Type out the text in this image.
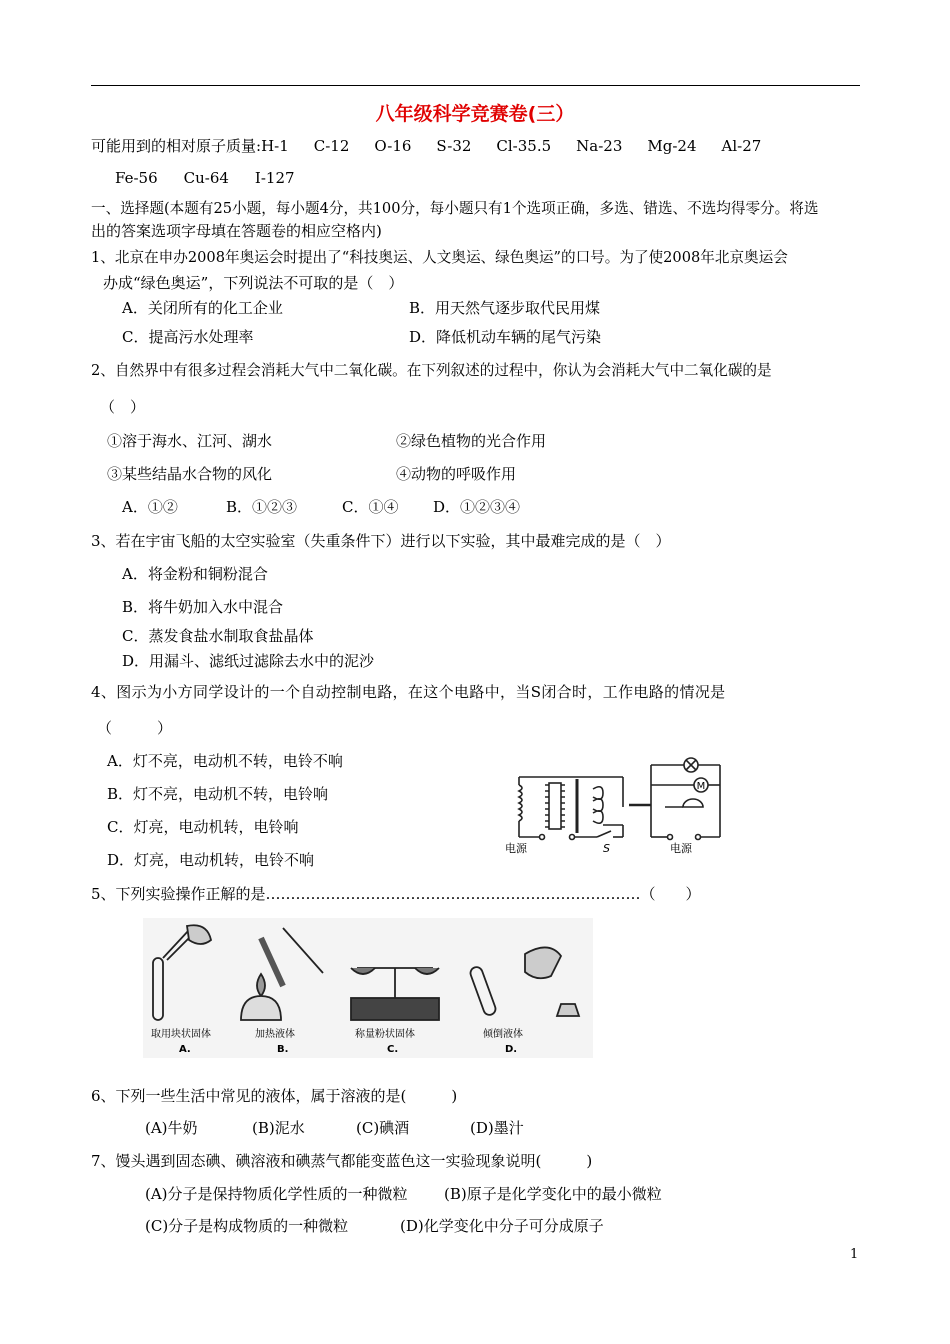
八年级科学竞赛卷(三）
可能用到的相对原子质量:H-1 C-12 O-16 S-32 Cl-35.5 Na-23 Mg-24 Al-27
Fe-56 Cu-64 I-127
一、选择题(本题有25小题，每小题4分，共100分，每小题只有1个选项正确，多选、错选、不选均得零分。将选
出的答案选项字母填在答题卷的相应空格内)
1、北京在申办2008年奥运会时提出了“科技奥运、人文奥运、绿色奥运”的口号。为了使2008年北京奥运会
办成“绿色奥运”，下列说法不可取的是（　）
A．关闭所有的化工企业	B．用天然气逐步取代民用煤
C．提高污水处理率	D．降低机动车辆的尾气污染
2、自然界中有很多过程会消耗大气中二氧化碳。在下列叙述的过程中，你认为会消耗大气中二氧化碳的是
（　）
①溶于海水、江河、湖水	②绿色植物的光合作用
③某些结晶水合物的风化	④动物的呼吸作用
A．①②	B．①②③	C．①④ D．①②③④
3、若在宇宙飞船的太空实验室（失重条件下）进行以下实验，其中最难完成的是（　）
A．将金粉和铜粉混合
B．将牛奶加入水中混合
C．蒸发食盐水制取食盐晶体
D．用漏斗、滤纸过滤除去水中的泥沙
4、图示为小方同学设计的一个自动控制电路，在这个电路中，当S闭合时，工作电路的情况是
（　　　）
A．灯不亮，电动机不转，电铃不响
B．灯不亮，电动机不转，电铃响
C．灯亮，电动机转，电铃响
D．灯亮，电动机转，电铃不响
M
电源	S	电源
5、下列实验操作正解的是…………………………………………………………………（　　）
取用块状固体	加热液体	称量粉状固体	倾倒液体
A.	B.	C.	D.
6、下列一些生活中常见的液体，属于溶液的是(　　　)
(A)牛奶	(B)泥水	(C)碘酒	(D)墨汁
7、馒头遇到固态碘、碘溶液和碘蒸气都能变蓝色这一实验现象说明(　　　)
(A)分子是保持物质化学性质的一种微粒 (B)原子是化学变化中的最小微粒
(C)分子是构成物质的一种微粒	(D)化学变化中分子可分成原子
1
